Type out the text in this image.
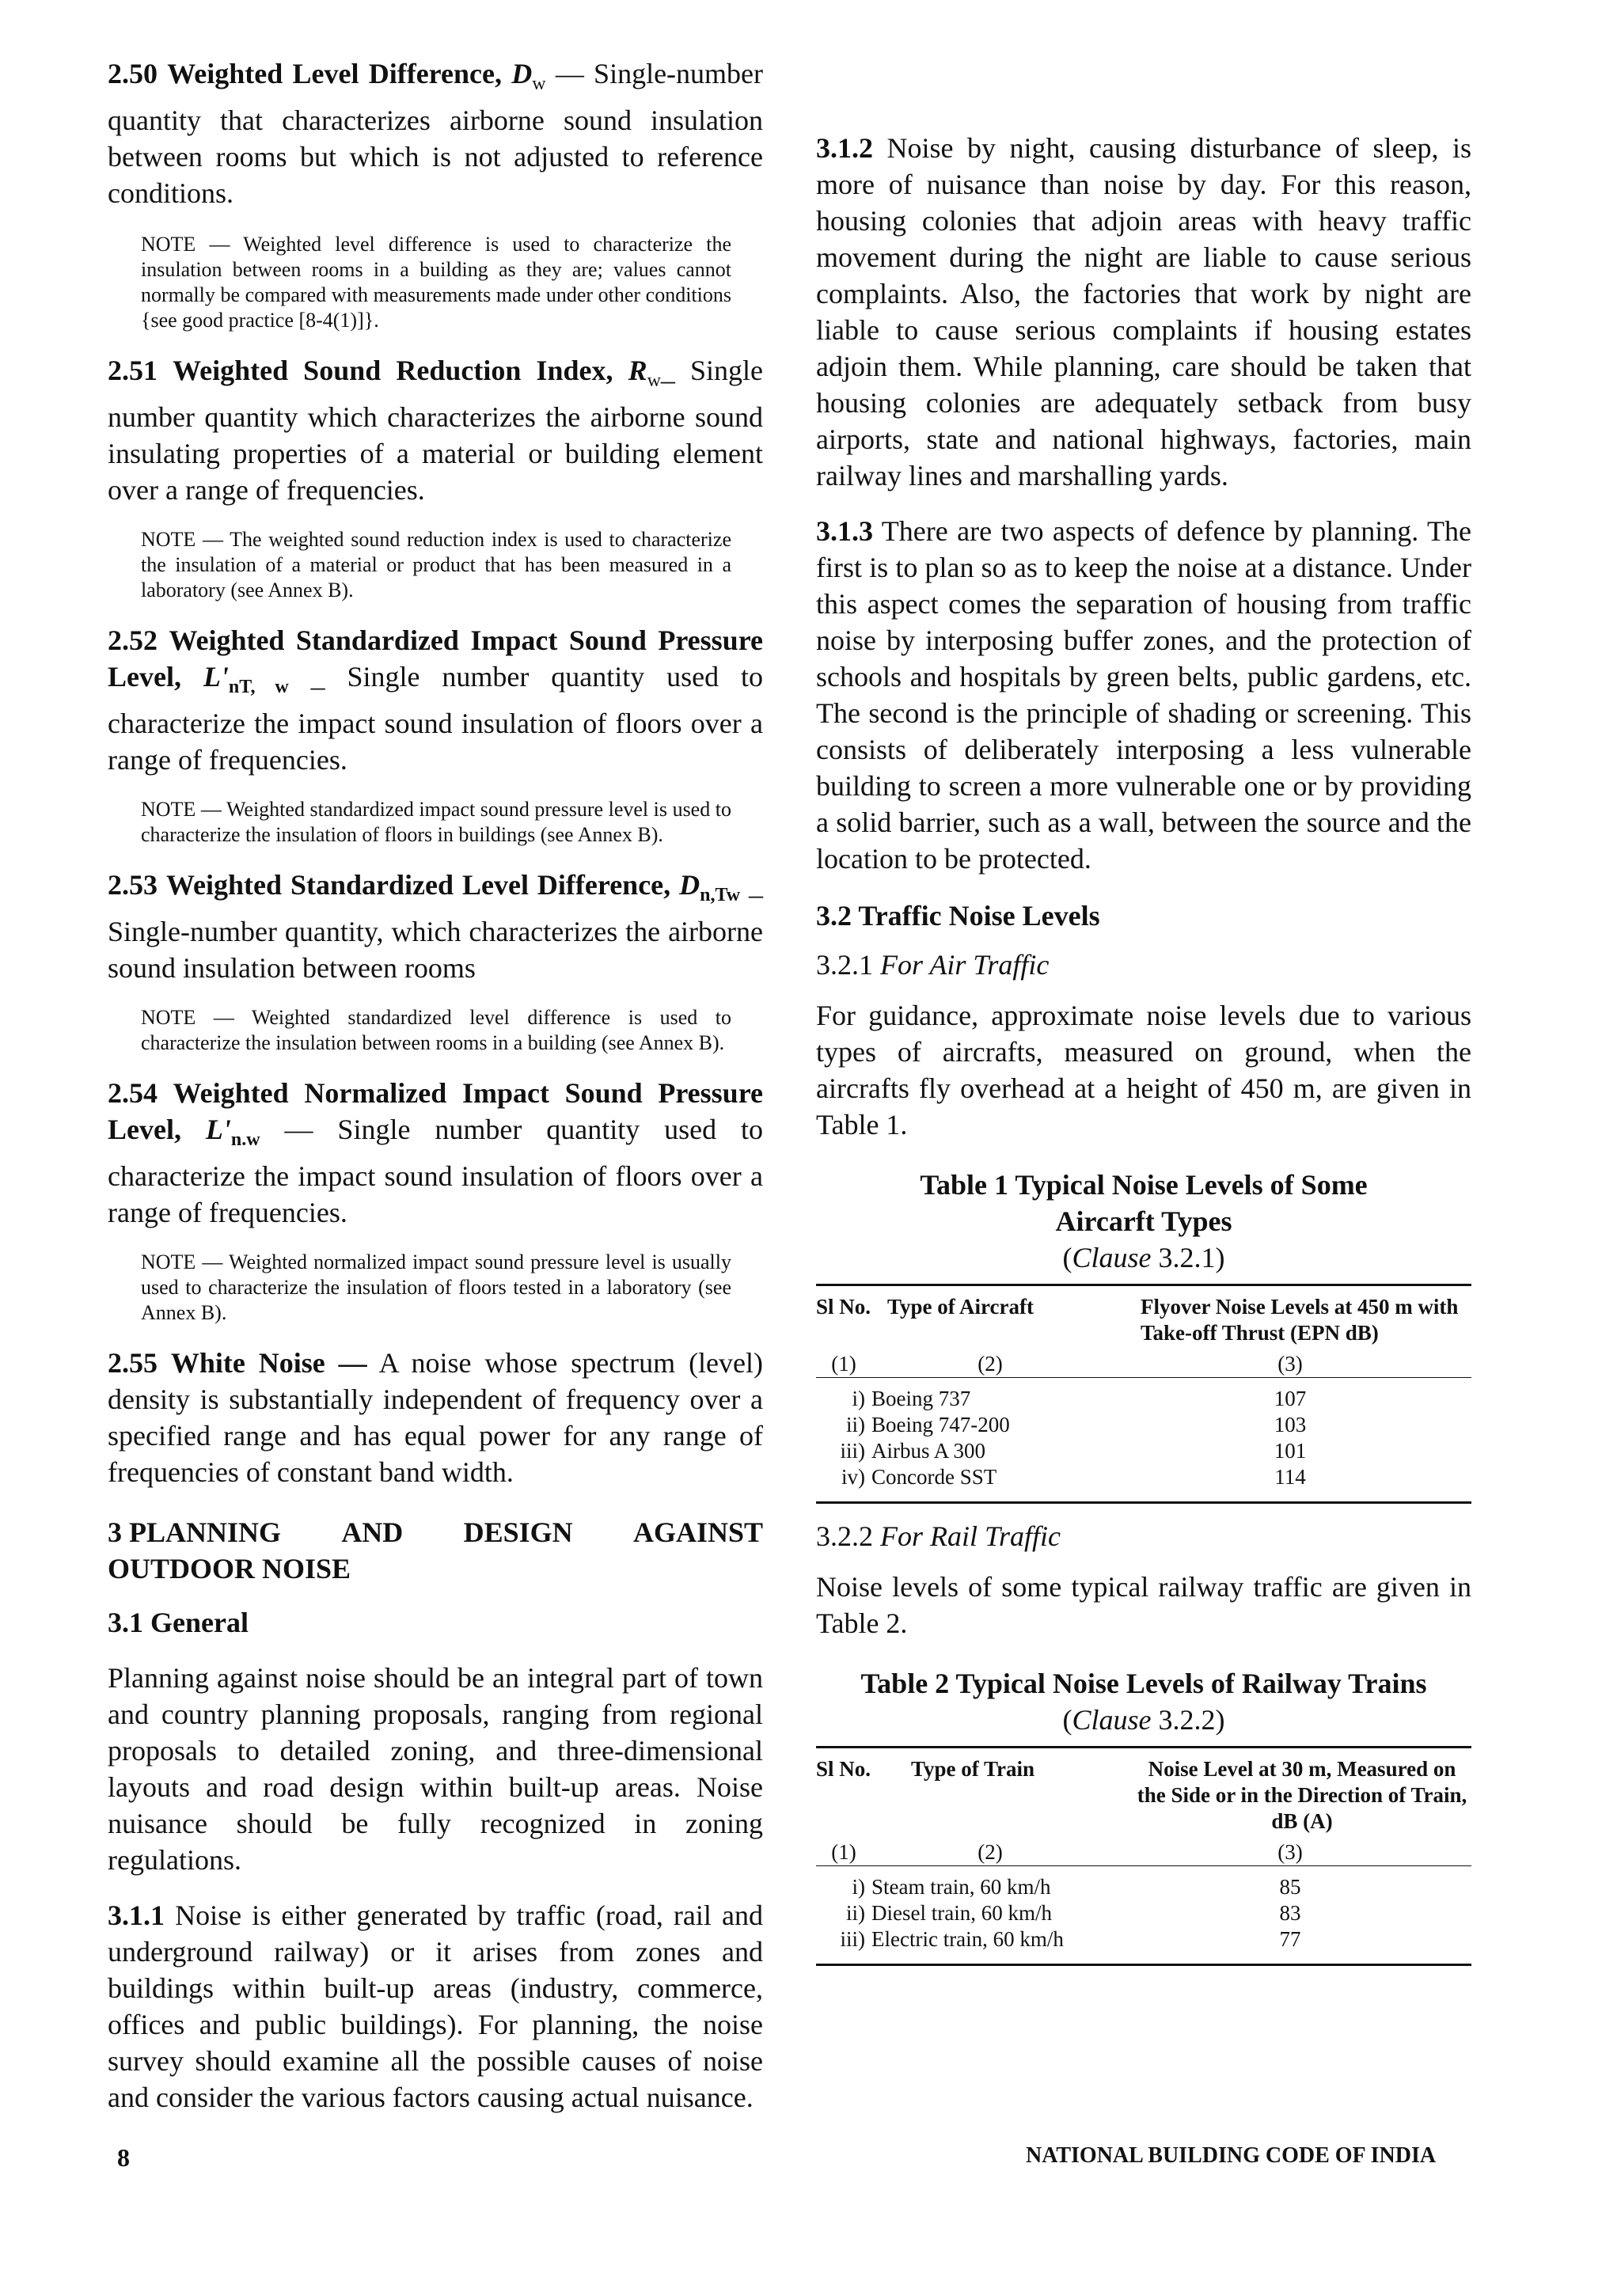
2.50 Weighted Level Difference, $D_w$ — Single-number quantity that characterizes airborne sound insulation between rooms but which is not adjusted to reference conditions.

NOTE — Weighted level difference is used to characterize the insulation between rooms in a building as they are; values cannot normally be compared with measurements made under other conditions {see good practice [8-4(1)]}.

2.51 Weighted Sound Reduction Index, $R_w\_$ Single number quantity which characterizes the airborne sound insulating properties of a material or building element over a range of frequencies.

NOTE — The weighted sound reduction index is used to characterize the insulation of a material or product that has been measured in a laboratory (see Annex B).

2.52 Weighted Standardized Impact Sound Pressure Level, $L'_{nT, w}$ _ Single number quantity used to characterize the impact sound insulation of floors over a range of frequencies.

NOTE — Weighted standardized impact sound pressure level is used to characterize the insulation of floors in buildings (see Annex B).

2.53 Weighted Standardized Level Difference, $D_{n,Tw}$ _ Single-number quantity, which characterizes the airborne sound insulation between rooms

NOTE — Weighted standardized level difference is used to characterize the insulation between rooms in a building (see Annex B).

2.54 Weighted Normalized Impact Sound Pressure Level, $L'_{n.w}$ — Single number quantity used to characterize the impact sound insulation of floors over a range of frequencies.

NOTE — Weighted normalized impact sound pressure level is usually used to characterize the insulation of floors tested in a laboratory (see Annex B).

2.55 White Noise — A noise whose spectrum (level) density is substantially independent of frequency over a specified range and has equal power for any range of frequencies of constant band width.

3 PLANNING AND DESIGN AGAINST
OUTDOOR NOISE

3.1 General

Planning against noise should be an integral part of town and country planning proposals, ranging from regional proposals to detailed zoning, and three-dimensional layouts and road design within built-up areas. Noise nuisance should be fully recognized in zoning regulations.

3.1.1 Noise is either generated by traffic (road, rail and underground railway) or it arises from zones and buildings within built-up areas (industry, commerce, offices and public buildings). For planning, the noise survey should examine all the possible causes of noise and consider the various factors causing actual nuisance.

3.1.2 Noise by night, causing disturbance of sleep, is more of nuisance than noise by day. For this reason, housing colonies that adjoin areas with heavy traffic movement during the night are liable to cause serious complaints. Also, the factories that work by night are liable to cause serious complaints if housing estates adjoin them. While planning, care should be taken that housing colonies are adequately setback from busy airports, state and national highways, factories, main railway lines and marshalling yards.

3.1.3 There are two aspects of defence by planning. The first is to plan so as to keep the noise at a distance. Under this aspect comes the separation of housing from traffic noise by interposing buffer zones, and the protection of schools and hospitals by green belts, public gardens, etc. The second is the principle of shading or screening. This consists of deliberately interposing a less vulnerable building to screen a more vulnerable one or by providing a solid barrier, such as a wall, between the source and the location to be protected.

3.2 Traffic Noise Levels

3.2.1 For Air Traffic

For guidance, approximate noise levels due to various types of aircrafts, measured on ground, when the aircrafts fly overhead at a height of 450 m, are given in Table 1.

Table 1 Typical Noise Levels of Some
Aircarft Types
(Clause 3.2.1)
Sl No.	Type of Aircraft	Flyover Noise Levels at 450 m with Take-off Thrust (EPN dB)
(1)	(2)	(3)

i)	Boeing 737	107
ii)	Boeing 747-200	103
iii)	Airbus A 300	101
iv)	Concorde SST	114

3.2.2 For Rail Traffic

Noise levels of some typical railway traffic are given in Table 2.

Table 2 Typical Noise Levels of Railway Trains
(Clause 3.2.2)
Sl No.	Type of Train	Noise Level at 30 m, Measured on the Side or in the Direction of Train, dB (A)
(1)	(2)	(3)

i)	Steam train, 60 km/h	85
ii)	Diesel train, 60 km/h	83
iii)	Electric train, 60 km/h	77

8	NATIONAL BUILDING CODE OF INDIA
